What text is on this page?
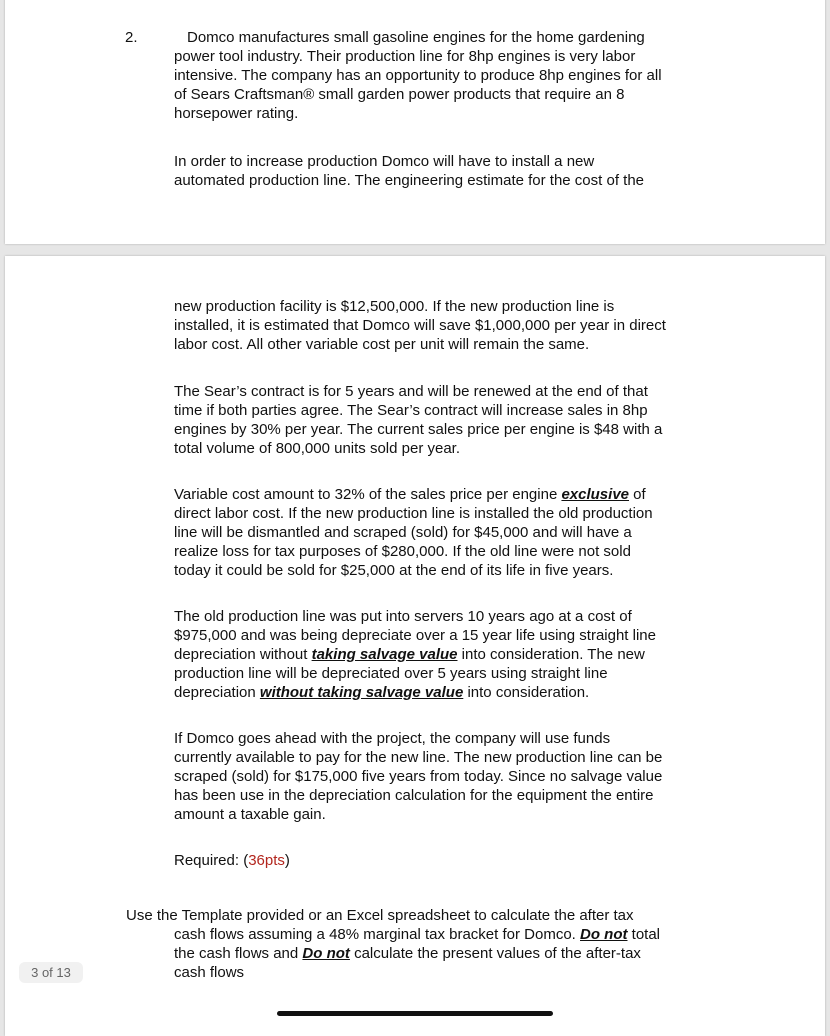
2.	Domco manufactures small gasoline engines for the home gardening
power tool industry. Their production line for 8hp engines is very labor
intensive. The company has an opportunity to produce 8hp engines for all
of Sears Craftsman® small garden power products that require an 8
horsepower rating.
In order to increase production Domco will have to install a new
automated production line. The engineering estimate for the cost of the
new production facility is $12,500,000. If the new production line is
installed, it is estimated that Domco will save $1,000,000 per year in direct
labor cost. All other variable cost per unit will remain the same.
The Sear’s contract is for 5 years and will be renewed at the end of that
time if both parties agree. The Sear’s contract will increase sales in 8hp
engines by 30% per year. The current sales price per engine is $48 with a
total volume of 800,000 units sold per year.
Variable cost amount to 32% of the sales price per engine exclusive of
direct labor cost. If the new production line is installed the old production
line will be dismantled and scraped (sold) for $45,000 and will have a
realize loss for tax purposes of $280,000. If the old line were not sold
today it could be sold for $25,000 at the end of its life in five years.
The old production line was put into servers 10 years ago at a cost of
$975,000 and was being depreciate over a 15 year life using straight line
depreciation without taking salvage value into consideration. The new
production line will be depreciated over 5 years using straight line
depreciation without taking salvage value into consideration.
If Domco goes ahead with the project, the company will use funds
currently available to pay for the new line. The new production line can be
scraped (sold) for $175,000 five years from today. Since no salvage value
has been use in the depreciation calculation for the equipment the entire
amount a taxable gain.
Required: (36pts)
Use the Template provided or an Excel spreadsheet to calculate the after tax
cash flows assuming a 48% marginal tax bracket for Domco. Do not total
the cash flows and Do not calculate the present values of the after-tax
cash flows
3 of 13
